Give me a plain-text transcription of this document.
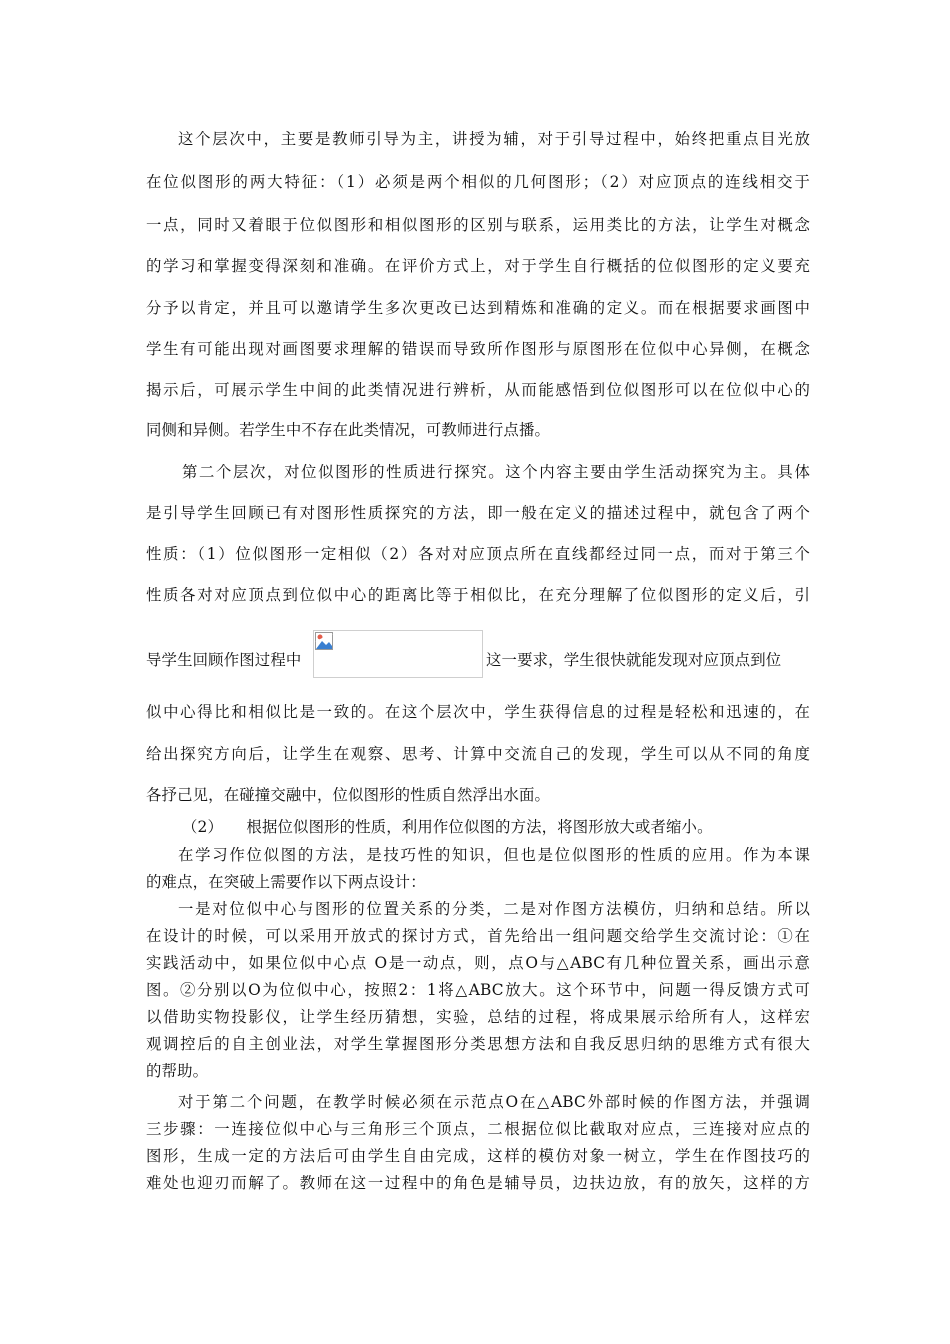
这个层次中，主要是教师引导为主，讲授为辅，对于引导过程中，始终把重点目光放
在位似图形的两大特征：（1）必须是两个相似的几何图形；（2）对应顶点的连线相交于
一点，同时又着眼于位似图形和相似图形的区别与联系，运用类比的方法，让学生对概念
的学习和掌握变得深刻和准确。在评价方式上，对于学生自行概括的位似图形的定义要充
分予以肯定，并且可以邀请学生多次更改已达到精炼和准确的定义。而在根据要求画图中
学生有可能出现对画图要求理解的错误而导致所作图形与原图形在位似中心异侧，在概念
揭示后，可展示学生中间的此类情况进行辨析，从而能感悟到位似图形可以在位似中心的
同侧和异侧。若学生中不存在此类情况，可教师进行点播。
第二个层次，对位似图形的性质进行探究。这个内容主要由学生活动探究为主。具体
是引导学生回顾已有对图形性质探究的方法，即一般在定义的描述过程中，就包含了两个
性质：（1）位似图形一定相似（2）各对对应顶点所在直线都经过同一点，而对于第三个
性质各对对应顶点到位似中心的距离比等于相似比，在充分理解了位似图形的定义后，引
导学生回顾作图过程中	这一要求，学生很快就能发现对应顶点到位
似中心得比和相似比是一致的。在这个层次中，学生获得信息的过程是轻松和迅速的，在
给出探究方向后，让学生在观察、思考、计算中交流自己的发现，学生可以从不同的角度
各抒己见，在碰撞交融中，位似图形的性质自然浮出水面。
（2）　　根据位似图形的性质，利用作位似图的方法，将图形放大或者缩小。
在学习作位似图的方法，是技巧性的知识，但也是位似图形的性质的应用。作为本课
的难点，在突破上需要作以下两点设计：
一是对位似中心与图形的位置关系的分类，二是对作图方法模仿，归纳和总结。所以
在设计的时候，可以采用开放式的探讨方式，首先给出一组问题交给学生交流讨论：①在
实践活动中，如果位似中心点 O是一动点，则，点O与△ABC有几种位置关系，画出示意
图。②分别以O为位似中心，按照2：1将△ABC放大。这个环节中，问题一得反馈方式可
以借助实物投影仪，让学生经历猜想，实验，总结的过程，将成果展示给所有人，这样宏
观调控后的自主创业法，对学生掌握图形分类思想方法和自我反思归纳的思维方式有很大
的帮助。
对于第二个问题，在教学时候必须在示范点O在△ABC外部时候的作图方法，并强调
三步骤：一连接位似中心与三角形三个顶点，二根据位似比截取对应点，三连接对应点的
图形，生成一定的方法后可由学生自由完成，这样的模仿对象一树立，学生在作图技巧的
难处也迎刃而解了。教师在这一过程中的角色是辅导员，边扶边放，有的放矢，这样的方
